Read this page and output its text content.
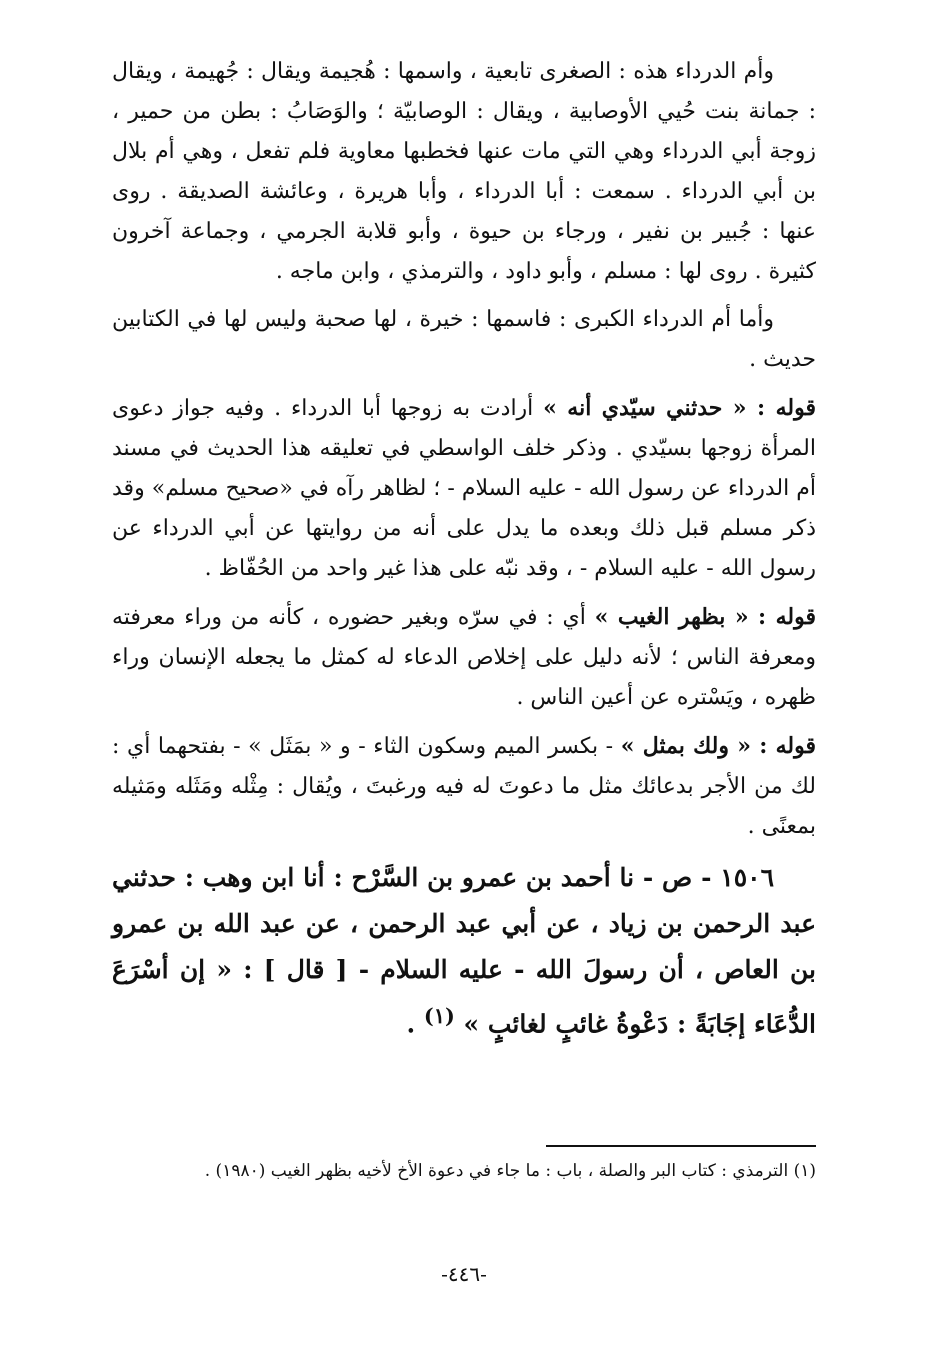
وأم الدرداء هذه : الصغرى تابعية ، واسمها : هُجيمة ويقال : جُهيمة ، ويقال : جمانة بنت حُيي الأوصابية ، ويقال : الوصابيّة ؛ والوَصَابُ : بطن من حمير ، زوجة أبي الدرداء وهي التي مات عنها فخطبها معاوية فلم تفعل ، وهي أم بلال بن أبي الدرداء . سمعت : أبا الدرداء ، وأبا هريرة ، وعائشة الصديقة . روى عنها : جُبير بن نفير ، ورجاء بن حيوة ، وأبو قلابة الجرمي ، وجماعة آخرون كثيرة . روى لها : مسلم ، وأبو داود ، والترمذي ، وابن ماجه .

وأما أم الدرداء الكبرى : فاسمها : خيرة ، لها صحبة وليس لها في الكتابين حديث .

قوله : « حدثني سيّدي أنه » أرادت به زوجها أبا الدرداء . وفيه جواز دعوى المرأة زوجها بسيّدي . وذكر خلف الواسطي في تعليقه هذا الحديث في مسند أم الدرداء عن رسول الله - عليه السلام - ؛ لظاهر رآه في «صحيح مسلم» وقد ذكر مسلم قبل ذلك وبعده ما يدل على أنه من روايتها عن أبي الدرداء عن رسول الله - عليه السلام - ، وقد نبّه على هذا غير واحد من الحُفّاظ .

قوله : « بظهر الغيب » أي : في سرّه وبغير حضوره ، كأنه من وراء معرفته ومعرفة الناس ؛ لأنه دليل على إخلاص الدعاء له كمثل ما يجعله الإنسان وراء ظهره ، ويَسْتره عن أعين الناس .

قوله : « ولك بمثل » - بكسر الميم وسكون الثاء - و « بمَثَل » - بفتحهما أي : لك من الأجر بدعائك مثل ما دعوتَ له فيه ورغبتَ ، ويُقال : مِثْله ومَثَله ومَثيله بمعنًى .

١٥٠٦ - ص - نا أحمد بن عمرو بن السَّرْح : أنا ابن وهب : حدثني عبد الرحمن بن زياد ، عن أبي عبد الرحمن ، عن عبد الله بن عمرو بن العاص ، أن رسولَ الله - عليه السلام - [ قال ] : « إن أسْرَعَ الدُّعَاء إجَابَةً : دَعْوةُ غائبٍ لغائبٍ » $^{(١)}$ .

(١) الترمذي : كتاب البر والصلة ، باب : ما جاء في دعوة الأخ لأخيه بظهر الغيب (١٩٨٠) .
-٤٤٦-
